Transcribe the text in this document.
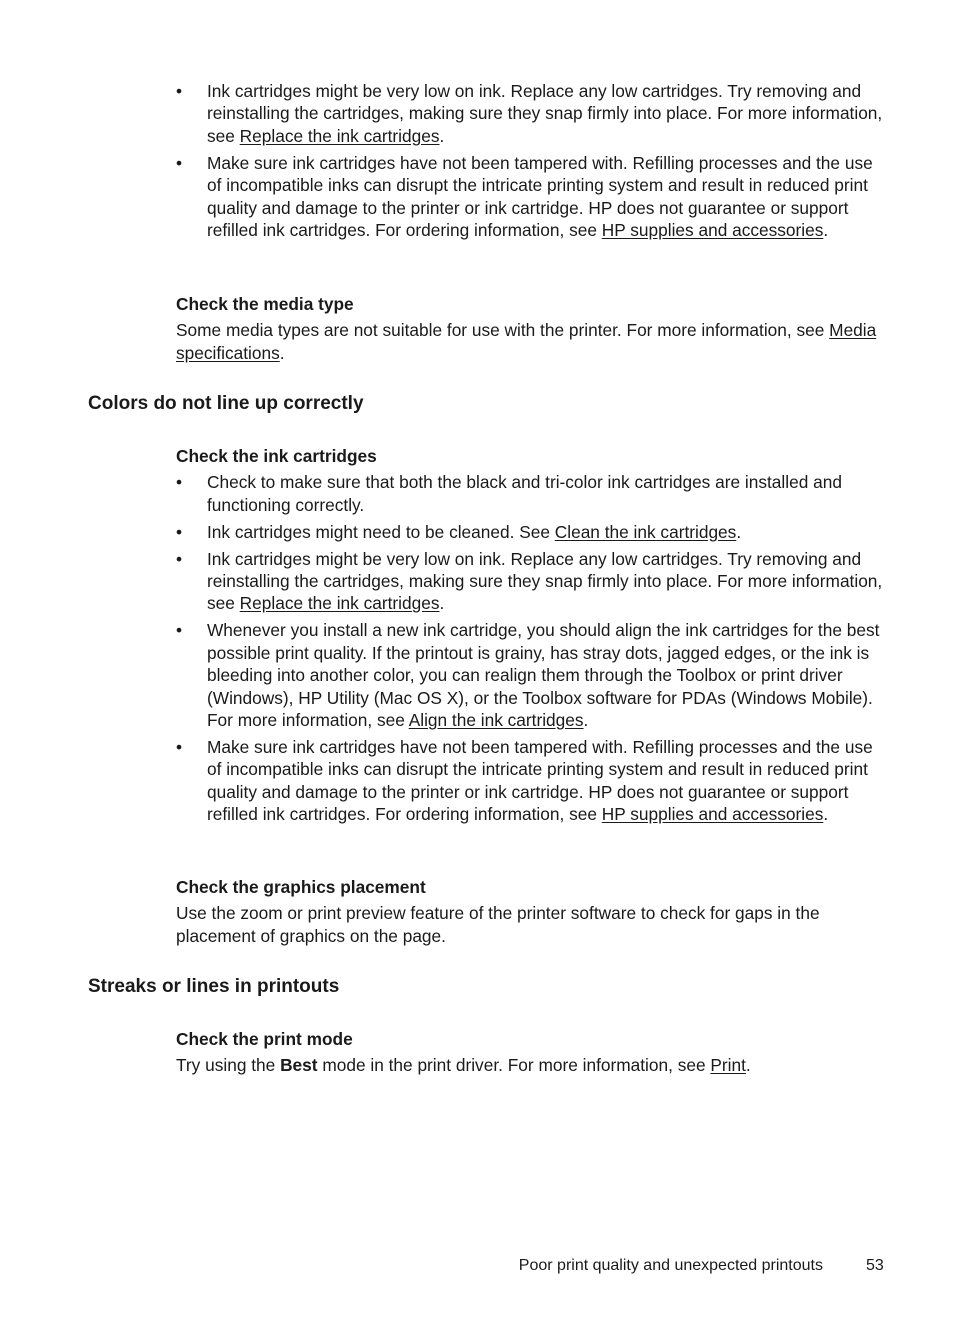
• Ink cartridges might be very low on ink. Replace any low cartridges. Try removing and reinstalling the cartridges, making sure they snap firmly into place. For more information, see Replace the ink cartridges.
• Make sure ink cartridges have not been tampered with. Refilling processes and the use of incompatible inks can disrupt the intricate printing system and result in reduced print quality and damage to the printer or ink cartridge. HP does not guarantee or support refilled ink cartridges. For ordering information, see HP supplies and accessories.

Check the media type

Some media types are not suitable for use with the printer. For more information, see Media specifications.

Colors do not line up correctly

Check the ink cartridges

• Check to make sure that both the black and tri-color ink cartridges are installed and functioning correctly.
• Ink cartridges might need to be cleaned. See Clean the ink cartridges.
• Ink cartridges might be very low on ink. Replace any low cartridges. Try removing and reinstalling the cartridges, making sure they snap firmly into place. For more information, see Replace the ink cartridges.
• Whenever you install a new ink cartridge, you should align the ink cartridges for the best possible print quality. If the printout is grainy, has stray dots, jagged edges, or the ink is bleeding into another color, you can realign them through the Toolbox or print driver (Windows), HP Utility (Mac OS X), or the Toolbox software for PDAs (Windows Mobile). For more information, see Align the ink cartridges.
• Make sure ink cartridges have not been tampered with. Refilling processes and the use of incompatible inks can disrupt the intricate printing system and result in reduced print quality and damage to the printer or ink cartridge. HP does not guarantee or support refilled ink cartridges. For ordering information, see HP supplies and accessories.

Check the graphics placement

Use the zoom or print preview feature of the printer software to check for gaps in the placement of graphics on the page.

Streaks or lines in printouts

Check the print mode

Try using the Best mode in the print driver. For more information, see Print.

Poor print quality and unexpected printouts	53
